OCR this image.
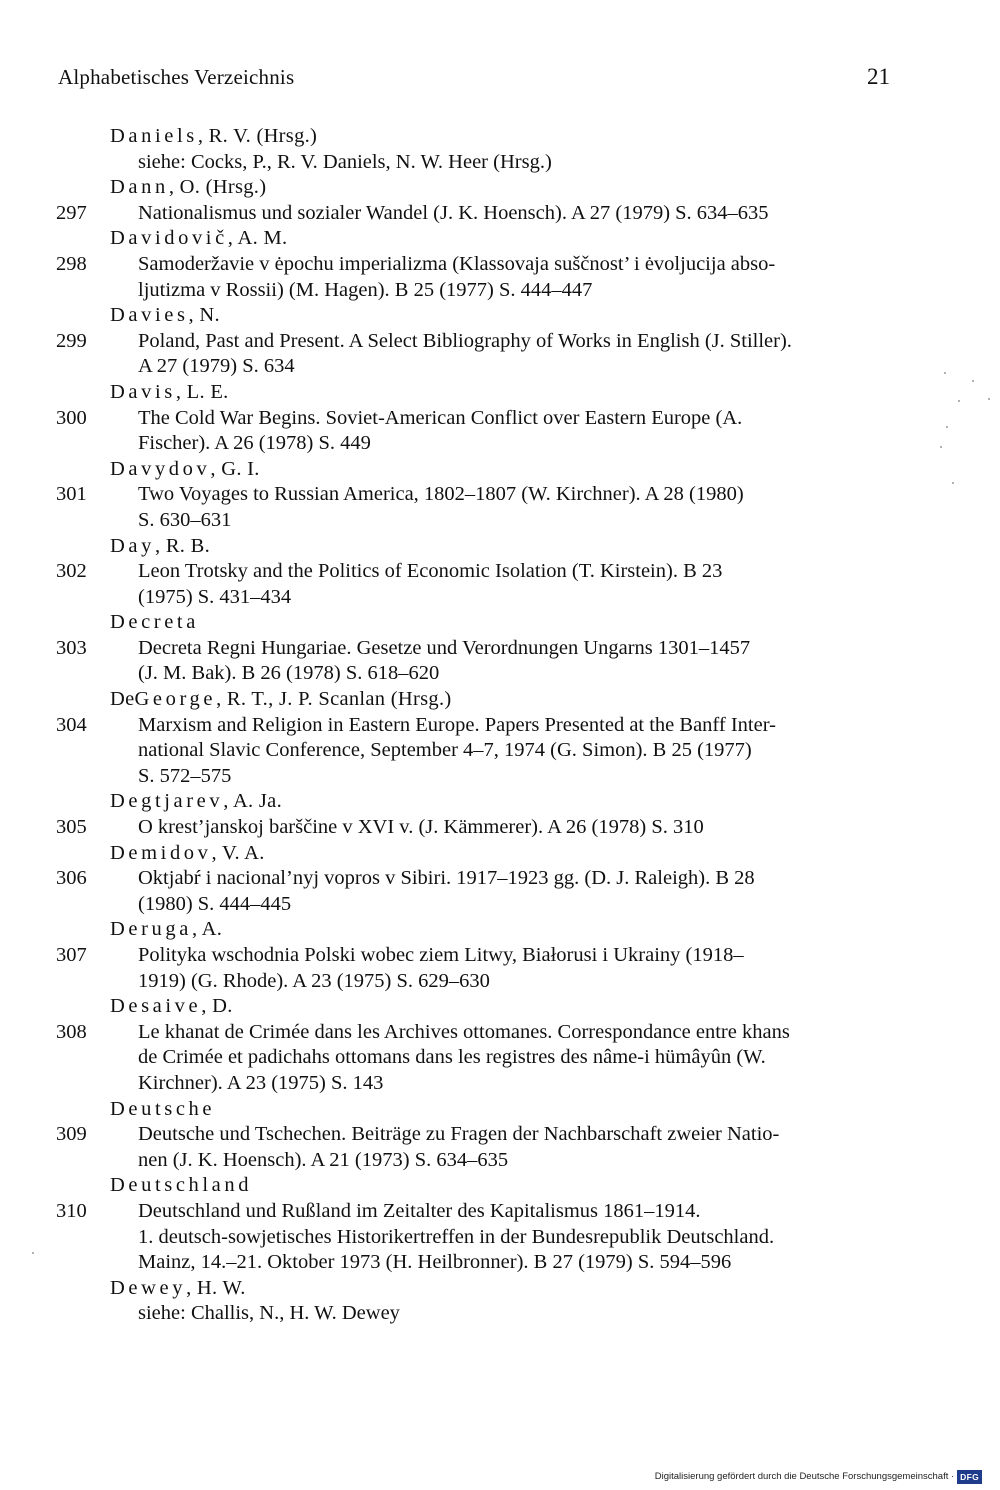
Alphabetisches Verzeichnis	21
Daniels, R. V. (Hrsg.)
siehe: Cocks, P., R. V. Daniels, N. W. Heer (Hrsg.)
Dann, O. (Hrsg.)
297	Nationalismus und sozialer Wandel (J. K. Hoensch). A 27 (1979) S. 634–635
Davidovič, A. M.
298	Samoderžavie v ėpochu imperializma (Klassovaja suščnost’ i ėvoljucija abso-
ljutizma v Rossii) (M. Hagen). B 25 (1977) S. 444–447
Davies, N.
299	Poland, Past and Present. A Select Bibliography of Works in English (J. Stiller).
A 27 (1979) S. 634
Davis, L. E.
300	The Cold War Begins. Soviet-American Conflict over Eastern Europe (A.
Fischer). A 26 (1978) S. 449
Davydov, G. I.
301	Two Voyages to Russian America, 1802–1807 (W. Kirchner). A 28 (1980)
S. 630–631
Day, R. B.
302	Leon Trotsky and the Politics of Economic Isolation (T. Kirstein). B 23
(1975) S. 431–434
Decreta
303	Decreta Regni Hungariae. Gesetze und Verordnungen Ungarns 1301–1457
(J. M. Bak). B 26 (1978) S. 618–620
DeGeorge, R. T., J. P. Scanlan (Hrsg.)
304	Marxism and Religion in Eastern Europe. Papers Presented at the Banff Inter-
national Slavic Conference, September 4–7, 1974 (G. Simon). B 25 (1977)
S. 572–575
Degtjarev, A. Ja.
305	O krest’janskoj barščine v XVI v. (J. Kämmerer). A 26 (1978) S. 310
Demidov, V. A.
306	Oktjabŕ i nacional’nyj vopros v Sibiri. 1917–1923 gg. (D. J. Raleigh). B 28
(1980) S. 444–445
Deruga, A.
307	Polityka wschodnia Polski wobec ziem Litwy, Białorusi i Ukrainy (1918–
1919) (G. Rhode). A 23 (1975) S. 629–630
Desaive, D.
308	Le khanat de Crimée dans les Archives ottomanes. Correspondance entre khans
de Crimée et padichahs ottomans dans les registres des nâme-i hümâyûn (W.
Kirchner). A 23 (1975) S. 143
Deutsche
309	Deutsche und Tschechen. Beiträge zu Fragen der Nachbarschaft zweier Natio-
nen (J. K. Hoensch). A 21 (1973) S. 634–635
Deutschland
310	Deutschland und Rußland im Zeitalter des Kapitalismus 1861–1914.
1. deutsch-sowjetisches Historikertreffen in der Bundesrepublik Deutschland.
Mainz, 14.–21. Oktober 1973 (H. Heilbronner). B 27 (1979) S. 594–596
Dewey, H. W.
siehe: Challis, N., H. W. Dewey
Digitalisierung gefördert durch die Deutsche Forschungsgemeinschaft · DFG
